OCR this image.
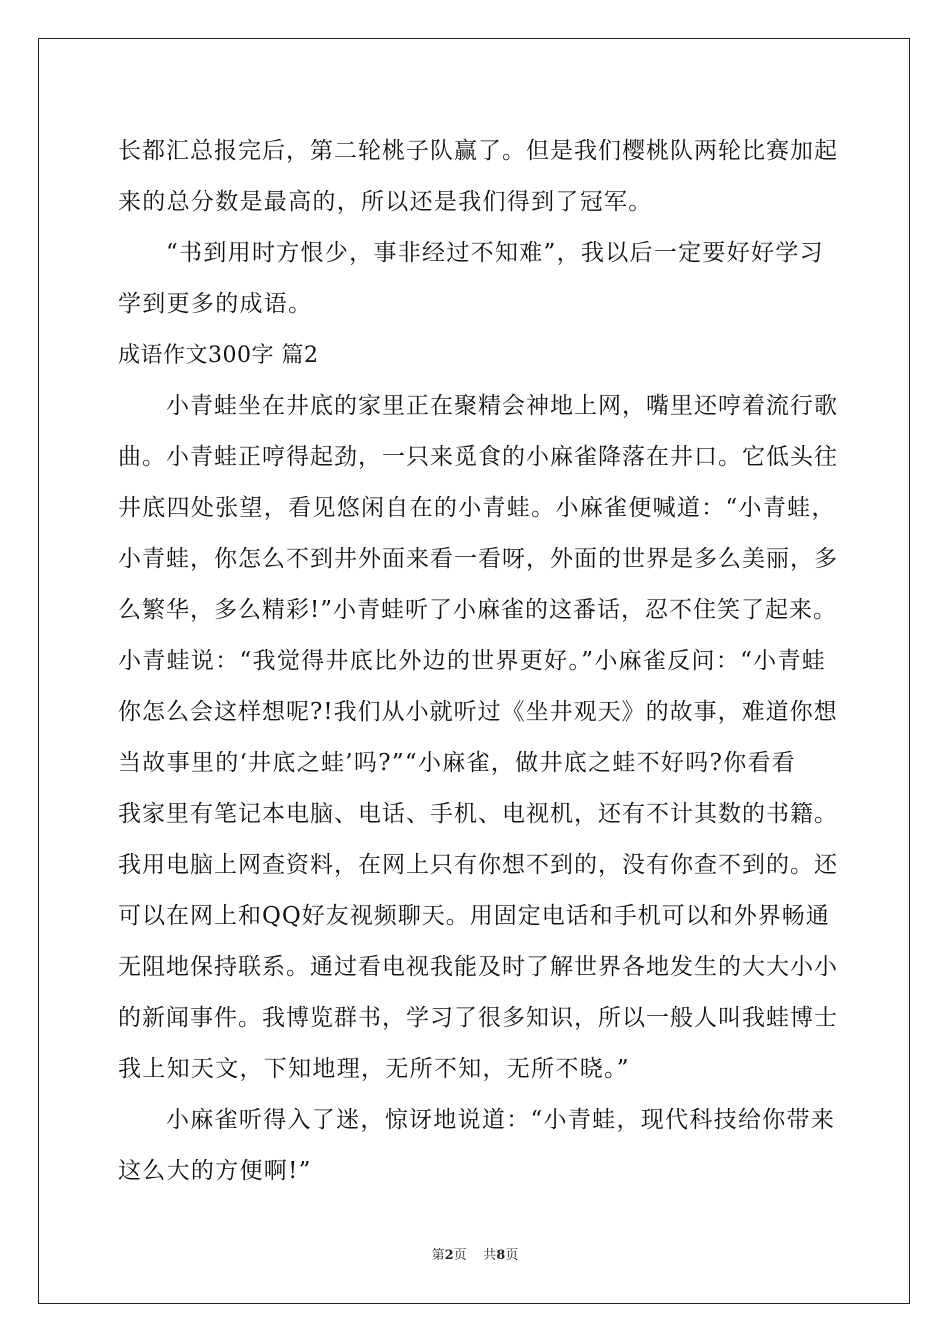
长都汇总报完后，第二轮桃子队赢了。但是我们樱桃队两轮比赛加起
来的总分数是最高的，所以还是我们得到了冠军。
“书到用时方恨少，事非经过不知难”，我以后一定要好好学习
学到更多的成语。
成语作文300字 篇2
小青蛙坐在井底的家里正在聚精会神地上网，嘴里还哼着流行歌
曲。小青蛙正哼得起劲，一只来觅食的小麻雀降落在井口。它低头往
井底四处张望，看见悠闲自在的小青蛙。小麻雀便喊道：“小青蛙，
小青蛙，你怎么不到井外面来看一看呀，外面的世界是多么美丽，多
么繁华，多么精彩!”小青蛙听了小麻雀的这番话，忍不住笑了起来。
小青蛙说：“我觉得井底比外边的世界更好。”小麻雀反问：“小青蛙
你怎么会这样想呢?!我们从小就听过《坐井观天》的故事，难道你想
当故事里的‘井底之蛙’吗?”“小麻雀，做井底之蛙不好吗?你看看
我家里有笔记本电脑、电话、手机、电视机，还有不计其数的书籍。
我用电脑上网查资料，在网上只有你想不到的，没有你查不到的。还
可以在网上和QQ好友视频聊天。用固定电话和手机可以和外界畅通
无阻地保持联系。通过看电视我能及时了解世界各地发生的大大小小
的新闻事件。我博览群书，学习了很多知识，所以一般人叫我蛙博士
我上知天文，下知地理，无所不知，无所不晓。”
小麻雀听得入了迷，惊讶地说道：“小青蛙，现代科技给你带来
这么大的方便啊!”
第2页 共8页
